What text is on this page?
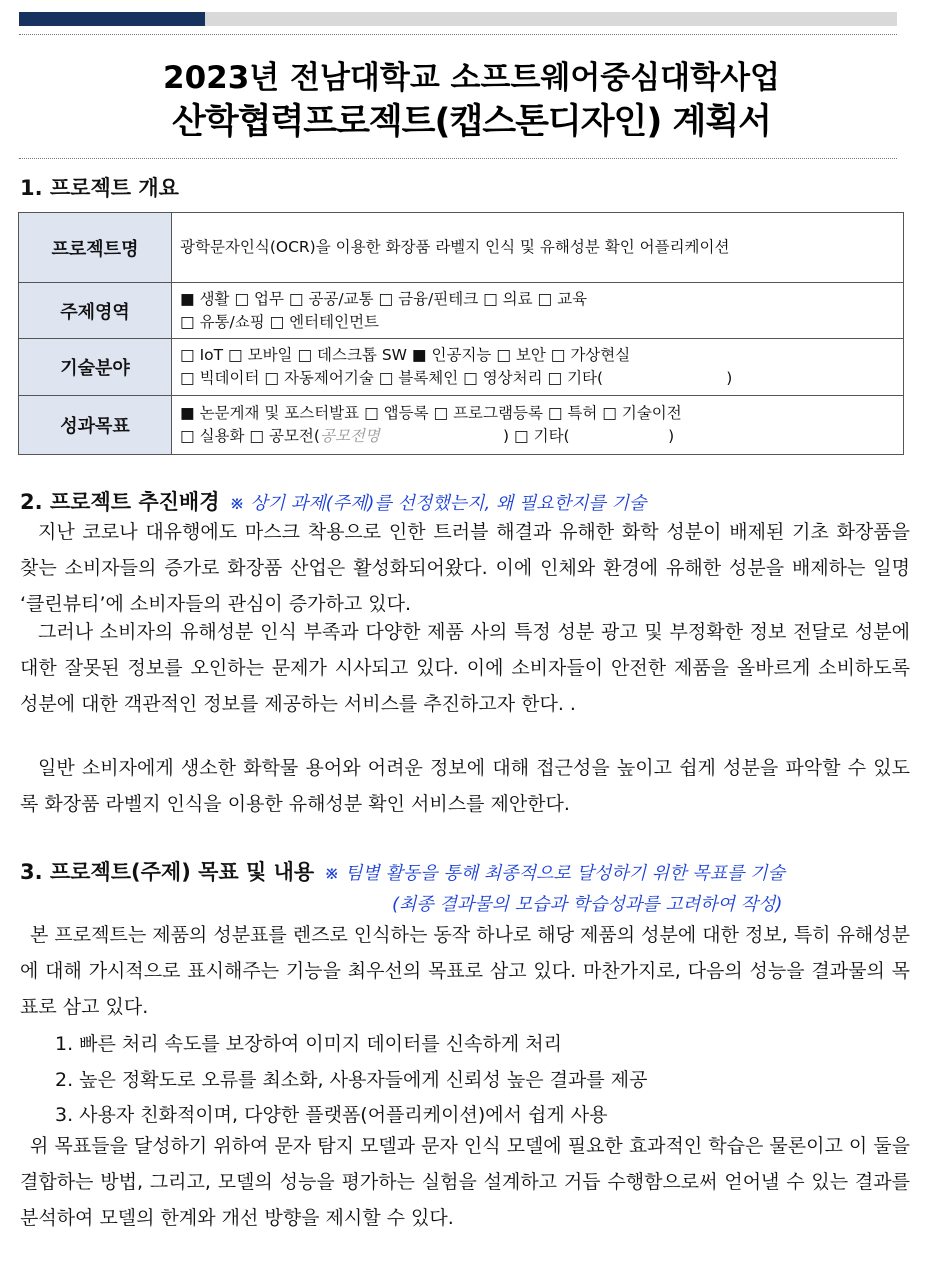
2023년 전남대학교 소프트웨어중심대학사업
산학협력프로젝트(캡스톤디자인) 계획서
1. 프로젝트 개요
프로젝트명	광학문자인식(OCR)을 이용한 화장품 라벨지 인식 및 유해성분 확인 어플리케이션

주제영역	■ 생활 □ 업무 □ 공공/교통 □ 금융/핀테크 □ 의료 □ 교육
□ 유통/쇼핑 □ 엔터테인먼트

기술분야	□ IoT □ 모바일 □ 데스크톱 SW ■ 인공지능 □ 보안 □ 가상현실
□ 빅데이터 □ 자동제어기술 □ 블록체인 □ 영상처리 □ 기타(                         )

성과목표	■ 논문게재 및 포스터발표 □ 앱등록 □ 프로그램등록 □ 특허 □ 기술이전
□ 실용화 □ 공모전(공모전명                         ) □ 기타(                    )
2. 프로젝트 추진배경 ※ 상기 과제(주제)를 선정했는지, 왜 필요한지를 기술

지난 코로나 대유행에도 마스크 착용으로 인한 트러블 해결과 유해한 화학 성분이 배제된 기초 화장품을 찾는 소비자들의 증가로 화장품 산업은 활성화되어왔다. 이에 인체와 환경에 유해한 성분을 배제하는 일명 ‘클린뷰티’에 소비자들의 관심이 증가하고 있다.

그러나 소비자의 유해성분 인식 부족과 다양한 제품 사의 특정 성분 광고 및 부정확한 정보 전달로 성분에 대한 잘못된 정보를 오인하는 문제가 시사되고 있다. 이에 소비자들이 안전한 제품을 올바르게 소비하도록 성분에 대한 객관적인 정보를 제공하는 서비스를 추진하고자 한다. .

일반 소비자에게 생소한 화학물 용어와 어려운 정보에 대해 접근성을 높이고 쉽게 성분을 파악할 수 있도록 화장품 라벨지 인식을 이용한 유해성분 확인 서비스를 제안한다.

3. 프로젝트(주제) 목표 및 내용 ※ 팀별 활동을 통해 최종적으로 달성하기 위한 목표를 기술
(최종 결과물의 모습과 학습성과를 고려하여 작성)

본 프로젝트는 제품의 성분표를 렌즈로 인식하는 동작 하나로 해당 제품의 성분에 대한 정보, 특히 유해성분에 대해 가시적으로 표시해주는 기능을 최우선의 목표로 삼고 있다. 마찬가지로, 다음의 성능을 결과물의 목표로 삼고 있다.

1. 빠른 처리 속도를 보장하여 이미지 데이터를 신속하게 처리
2. 높은 정확도로 오류를 최소화, 사용자들에게 신뢰성 높은 결과를 제공
3. 사용자 친화적이며, 다양한 플랫폼(어플리케이션)에서 쉽게 사용

위 목표들을 달성하기 위하여 문자 탐지 모델과 문자 인식 모델에 필요한 효과적인 학습은 물론이고 이 둘을 결합하는 방법, 그리고, 모델의 성능을 평가하는 실험을 설계하고 거듭 수행함으로써 얻어낼 수 있는 결과를 분석하여 모델의 한계와 개선 방향을 제시할 수 있다.
